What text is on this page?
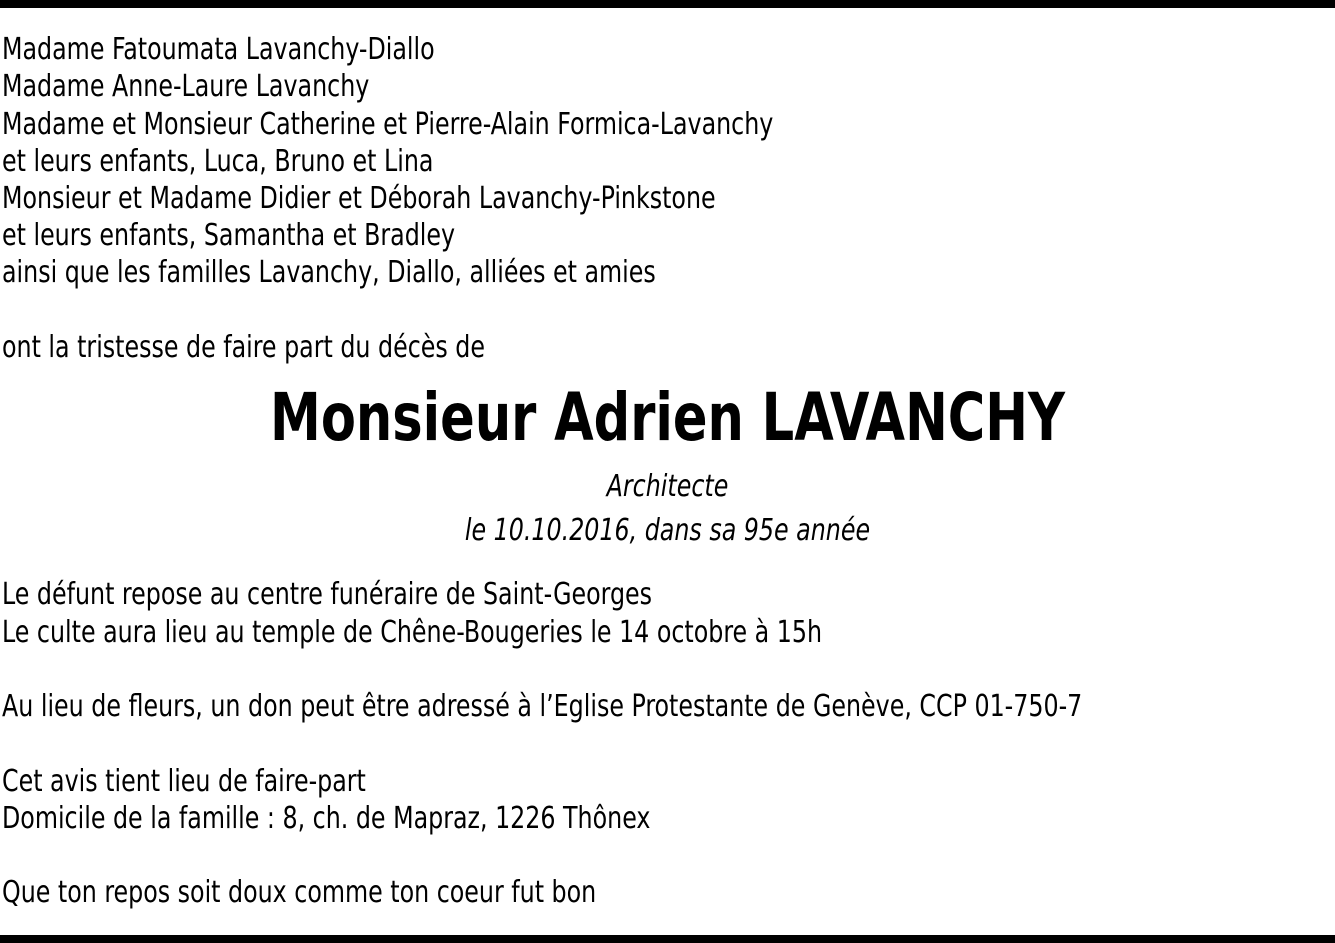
Madame Fatoumata Lavanchy-Diallo
Madame Anne-Laure Lavanchy
Madame et Monsieur Catherine et Pierre-Alain Formica-Lavanchy
et leurs enfants, Luca, Bruno et Lina
Monsieur et Madame Didier et Déborah Lavanchy-Pinkstone
et leurs enfants, Samantha et Bradley
ainsi que les familles Lavanchy, Diallo, alliées et amies
ont la tristesse de faire part du décès de
Monsieur Adrien LAVANCHY
Architecte
le 10.10.2016, dans sa 95e année
Le défunt repose au centre funéraire de Saint-Georges
Le culte aura lieu au temple de Chêne-Bougeries le 14 octobre à 15h
Au lieu de fleurs, un don peut être adressé à l’Eglise Protestante de Genève, CCP 01-750-7
Cet avis tient lieu de faire-part
Domicile de la famille : 8, ch. de Mapraz, 1226 Thônex
Que ton repos soit doux comme ton coeur fut bon
